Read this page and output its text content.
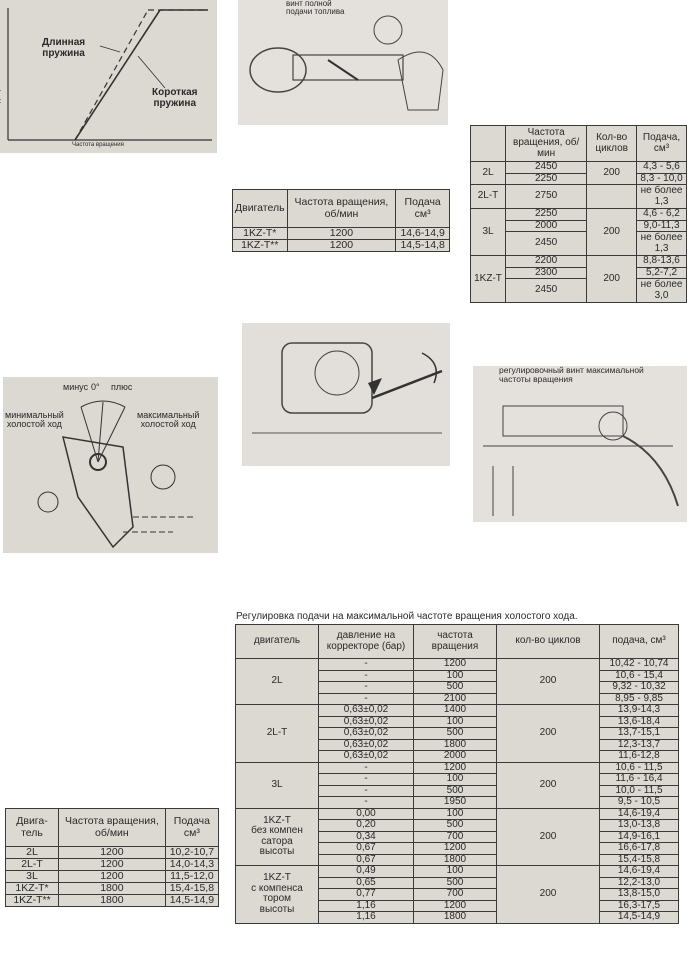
Длинная
пружина
Короткая
пружина
Частота вращения
винт полной
подачи топлива
Двигатель	Частота вращения, об/мин	Подача см³
1KZ-T*	1200	14,6-14,9
1KZ-T**	1200	14,5-14,8
	Частота вращения, об/мин	Кол-во циклов	Подача, см³
2L	2450	200	4,3 - 5,6
	2250		8,3 - 10,0
2L-T	2750		не более 1,3
3L	2250	200	4,6 - 6,2
	2000		9,0-11,3
	2450		не более 1,3
1KZ-T	2200	200	8,8-13,6
	2300		5,2-7,2
	2450		не более 3,0
минус 0° плюс
минимальный
холостой ход
максимальный
холостой ход
регулировочный винт максимальной
частоты вращения
Регулировка подачи на максимальной частоте вращения холостого хода.
двигатель	давление на корректоре (бар)	частота вращения	кол-во циклов	подача, см³
2L	-	1200	200	10,42 - 10,74
	-	100		10,6 - 15,4
	-	500		9,32 - 10,32
	-	2100		8,95 - 9,85
2L-T	0,63±0,02	1400	200	13,9-14,3
	0,63±0,02	100		13,6-18,4
	0,63±0,02	500		13,7-15,1
	0,63±0,02	1800		12,3-13,7
	0,63±0,02	2000		11,6-12,8
3L	-	1200	200	10,6 - 11,5
	-	100		11,6 - 16,4
	-	500		10,0 - 11,5
	-	1950		9,5 - 10,5
1KZ-T
без компен
сатора
высоты	0,00	100	200	14,6-19,4
	0,20	500		13,0-13,8
	0,34	700		14,9-16,1
	0,67	1200		16,6-17,8
	0,67	1800		15,4-15,8
1KZ-T
с компенса
тором
высоты	0,49	100	200	14,6-19,4
	0,65	500		12,2-13,0
	0,77	700		13,8-15,0
	1,16	1200		16,3-17,5
	1,16	1800		14,5-14,9
Двига-тель	Частота вращения, об/мин	Подача см³
2L	1200	10,2-10,7
2L-T	1200	14,0-14,3
3L	1200	11,5-12,0
1KZ-T*	1800	15,4-15,8
1KZ-T**	1800	14,5-14,9
